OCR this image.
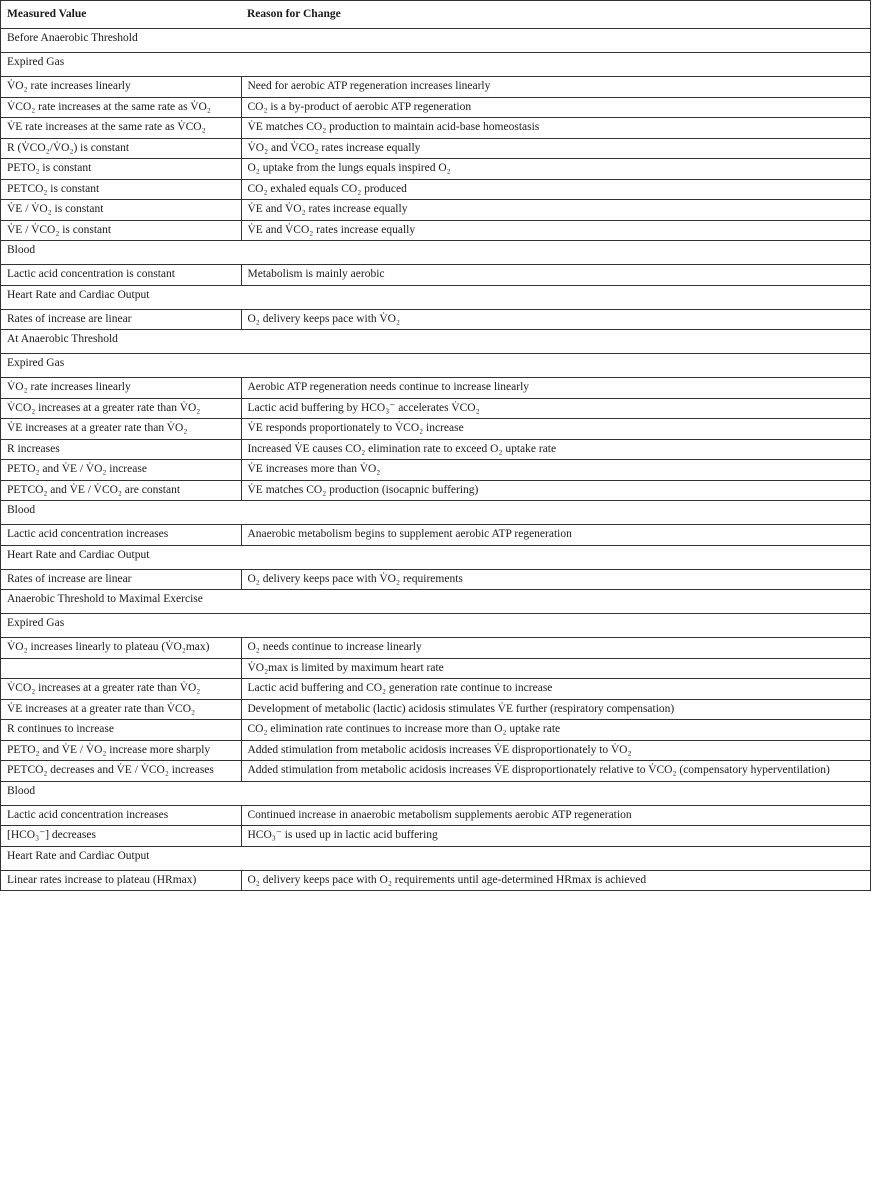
Measured Value	Reason for Change
Before Anaerobic Threshold	
Expired Gas	
V̇O₂ rate increases linearly	Need for aerobic ATP regeneration increases linearly
V̇CO₂ rate increases at the same rate as V̇O₂	CO₂ is a by-product of aerobic ATP regeneration
V̇E rate increases at the same rate as V̇CO₂	V̇E matches CO₂ production to maintain acid-base homeostasis
R (V̇CO₂/V̇O₂) is constant	V̇O₂ and V̇CO₂ rates increase equally
PETO₂ is constant	O₂ uptake from the lungs equals inspired O₂
PETCO₂ is constant	CO₂ exhaled equals CO₂ produced
V̇E / V̇O₂ is constant	V̇E and V̇O₂ rates increase equally
V̇E / V̇CO₂ is constant	V̇E and V̇CO₂ rates increase equally
Blood	
Lactic acid concentration is constant	Metabolism is mainly aerobic
Heart Rate and Cardiac Output	
Rates of increase are linear	O₂ delivery keeps pace with V̇O₂
At Anaerobic Threshold	
Expired Gas	
V̇O₂ rate increases linearly	Aerobic ATP regeneration needs continue to increase linearly
V̇CO₂ increases at a greater rate than V̇O₂	Lactic acid buffering by HCO₃⁻ accelerates V̇CO₂
V̇E increases at a greater rate than V̇O₂	V̇E responds proportionately to V̇CO₂ increase
R increases	Increased V̇E causes CO₂ elimination rate to exceed O₂ uptake rate
PETO₂ and V̇E / V̇O₂ increase	V̇E increases more than V̇O₂
PETCO₂ and V̇E / V̇CO₂ are constant	V̇E matches CO₂ production (isocapnic buffering)
Blood	
Lactic acid concentration increases	Anaerobic metabolism begins to supplement aerobic ATP regeneration
Heart Rate and Cardiac Output	
Rates of increase are linear	O₂ delivery keeps pace with V̇O₂ requirements
Anaerobic Threshold to Maximal Exercise	
Expired Gas	
V̇O₂ increases linearly to plateau (V̇O₂max)	O₂ needs continue to increase linearly
	V̇O₂max is limited by maximum heart rate
V̇CO₂ increases at a greater rate than V̇O₂	Lactic acid buffering and CO₂ generation rate continue to increase
V̇E increases at a greater rate than V̇CO₂	Development of metabolic (lactic) acidosis stimulates V̇E further (respiratory compensation)
R continues to increase	CO₂ elimination rate continues to increase more than O₂ uptake rate
PETO₂ and V̇E / V̇O₂ increase more sharply	Added stimulation from metabolic acidosis increases V̇E disproportionately to V̇O₂
PETCO₂ decreases and V̇E / V̇CO₂ increases	Added stimulation from metabolic acidosis increases V̇E disproportionately relative to V̇CO₂ (compensatory hyperventilation)
Blood	
Lactic acid concentration increases	Continued increase in anaerobic metabolism supplements aerobic ATP regeneration
[HCO₃⁻] decreases	HCO₃⁻ is used up in lactic acid buffering
Heart Rate and Cardiac Output	
Linear rates increase to plateau (HRmax)	O₂ delivery keeps pace with O₂ requirements until age-determined HRmax is achieved
